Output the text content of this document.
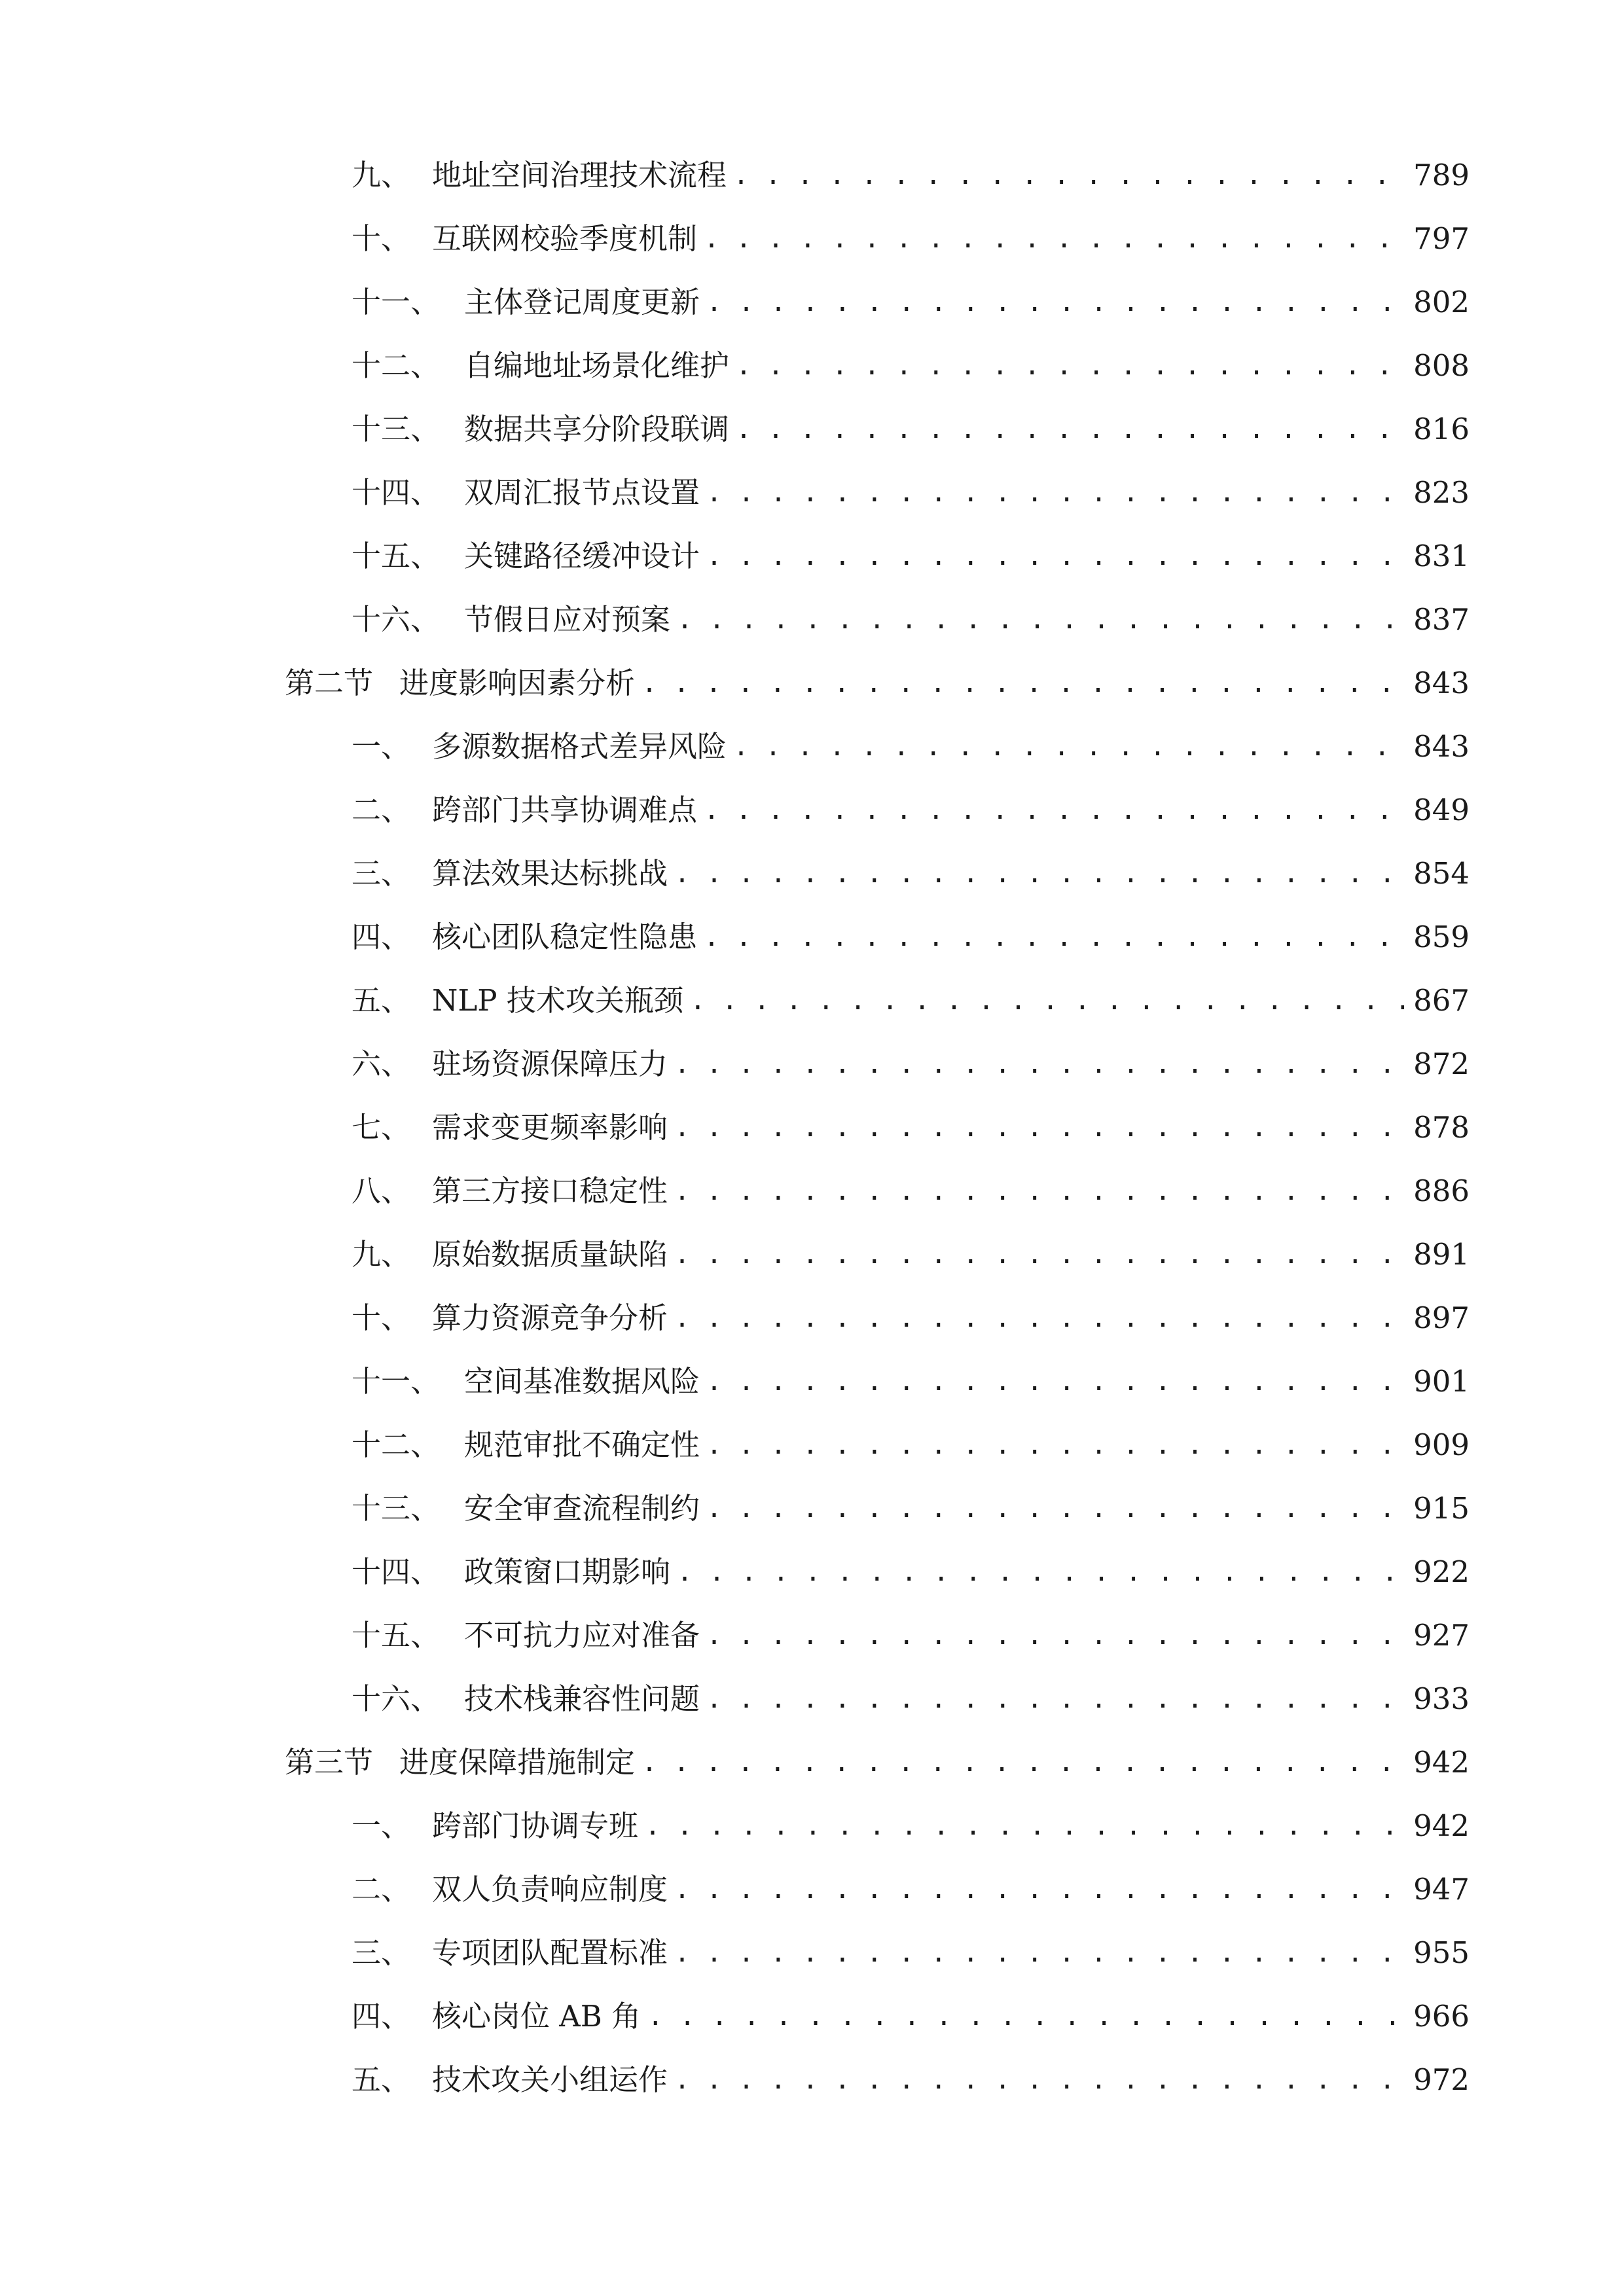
九、 地址空间治理技术流程 . . .	789
十、 互联网校验季度机制 . . .	797
十一、 主体登记周度更新 . . .	802
十二、 自编地址场景化维护 . . .	808
十三、 数据共享分阶段联调 . . .	816
十四、 双周汇报节点设置 . . .	823
十五、 关键路径缓冲设计 . . .	831
十六、 节假日应对预案 . . .	837
第二节 进度影响因素分析 . . .	843
一、 多源数据格式差异风险 . . .	843
二、 跨部门共享协调难点 . . .	849
三、 算法效果达标挑战 . . .	854
四、 核心团队稳定性隐患 . . .	859
五、 NLP 技术攻关瓶颈 . . .	867
六、 驻场资源保障压力 . . .	872
七、 需求变更频率影响 . . .	878
八、 第三方接口稳定性 . . .	886
九、 原始数据质量缺陷 . . .	891
十、 算力资源竞争分析 . . .	897
十一、 空间基准数据风险 . . .	901
十二、 规范审批不确定性 . . .	909
十三、 安全审查流程制约 . . .	915
十四、 政策窗口期影响 . . .	922
十五、 不可抗力应对准备 . . .	927
十六、 技术栈兼容性问题 . . .	933
第三节 进度保障措施制定 . . .	942
一、 跨部门协调专班 . . .	942
二、 双人负责响应制度 . . .	947
三、 专项团队配置标准 . . .	955
四、 核心岗位 AB 角 . . .	966
五、 技术攻关小组运作 . . .	972
